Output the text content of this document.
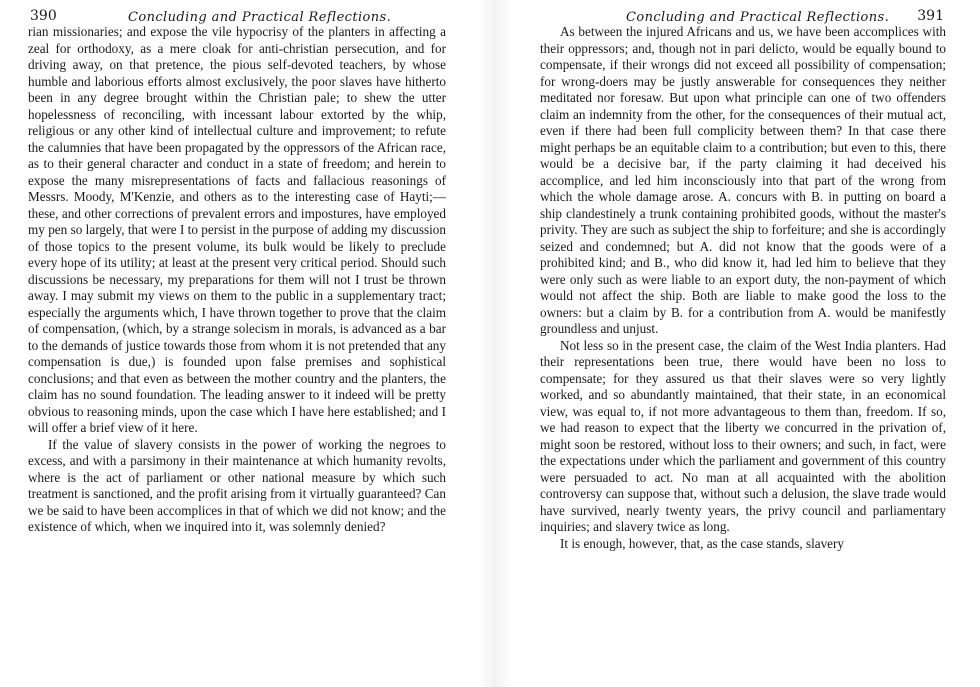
390	Concluding and Practical Reflections.

rian missionaries; and expose the vile hypocrisy of the planters in affecting a zeal for orthodoxy, as a mere cloak for anti-christian persecution, and for driving away, on that pretence, the pious self-devoted teachers, by whose humble and laborious efforts almost exclusively, the poor slaves have hitherto been in any degree brought within the Christian pale; to shew the utter hopelessness of reconciling, with incessant labour extorted by the whip, religious or any other kind of intellectual culture and improvement; to refute the calumnies that have been propagated by the oppressors of the African race, as to their general character and conduct in a state of freedom; and herein to expose the many misrepresentations of facts and fallacious reasonings of Messrs. Moody, M'Kenzie, and others as to the interesting case of Hayti;— these, and other corrections of prevalent errors and impostures, have employed my pen so largely, that were I to persist in the purpose of adding my discussion of those topics to the present volume, its bulk would be likely to preclude every hope of its utility; at least at the present very critical period. Should such discussions be necessary, my preparations for them will not I trust be thrown away. I may submit my views on them to the public in a supplementary tract; especially the arguments which, I have thrown together to prove that the claim of compensation, (which, by a strange solecism in morals, is advanced as a bar to the demands of justice towards those from whom it is not pretended that any compensation is due,) is founded upon false premises and sophistical conclusions; and that even as between the mother country and the planters, the claim has no sound foundation. The leading answer to it indeed will be pretty obvious to reasoning minds, upon the case which I have here established; and I will offer a brief view of it here.

If the value of slavery consists in the power of working the negroes to excess, and with a parsimony in their maintenance at which humanity revolts, where is the act of parliament or other national measure by which such treatment is sanctioned, and the profit arising from it virtually guaranteed? Can we be said to have been accomplices in that of which we did not know; and the existence of which, when we inquired into it, was solemnly denied?

Concluding and Practical Reflections. 391

As between the injured Africans and us, we have been accomplices with their oppressors; and, though not in pari delicto, would be equally bound to compensate, if their wrongs did not exceed all possibility of compensation; for wrong-doers may be justly answerable for consequences they neither meditated nor foresaw. But upon what principle can one of two offenders claim an indemnity from the other, for the consequences of their mutual act, even if there had been full complicity between them? In that case there might perhaps be an equitable claim to a contribution; but even to this, there would be a decisive bar, if the party claiming it had deceived his accomplice, and led him inconsciously into that part of the wrong from which the whole damage arose. A. concurs with B. in putting on board a ship clandestinely a trunk containing prohibited goods, without the master's privity. They are such as subject the ship to forfeiture; and she is accordingly seized and condemned; but A. did not know that the goods were of a prohibited kind; and B., who did know it, had led him to believe that they were only such as were liable to an export duty, the non-payment of which would not affect the ship. Both are liable to make good the loss to the owners: but a claim by B. for a contribution from A. would be manifestly groundless and unjust.

Not less so in the present case, the claim of the West India planters. Had their representations been true, there would have been no loss to compensate; for they assured us that their slaves were so very lightly worked, and so abundantly maintained, that their state, in an economical view, was equal to, if not more advantageous to them than, freedom. If so, we had reason to expect that the liberty we concurred in the privation of, might soon be restored, without loss to their owners; and such, in fact, were the expectations under which the parliament and government of this country were persuaded to act. No man at all acquainted with the abolition controversy can suppose that, without such a delusion, the slave trade would have survived, nearly twenty years, the privy council and parliamentary inquiries; and slavery twice as long.

It is enough, however, that, as the case stands, slavery
